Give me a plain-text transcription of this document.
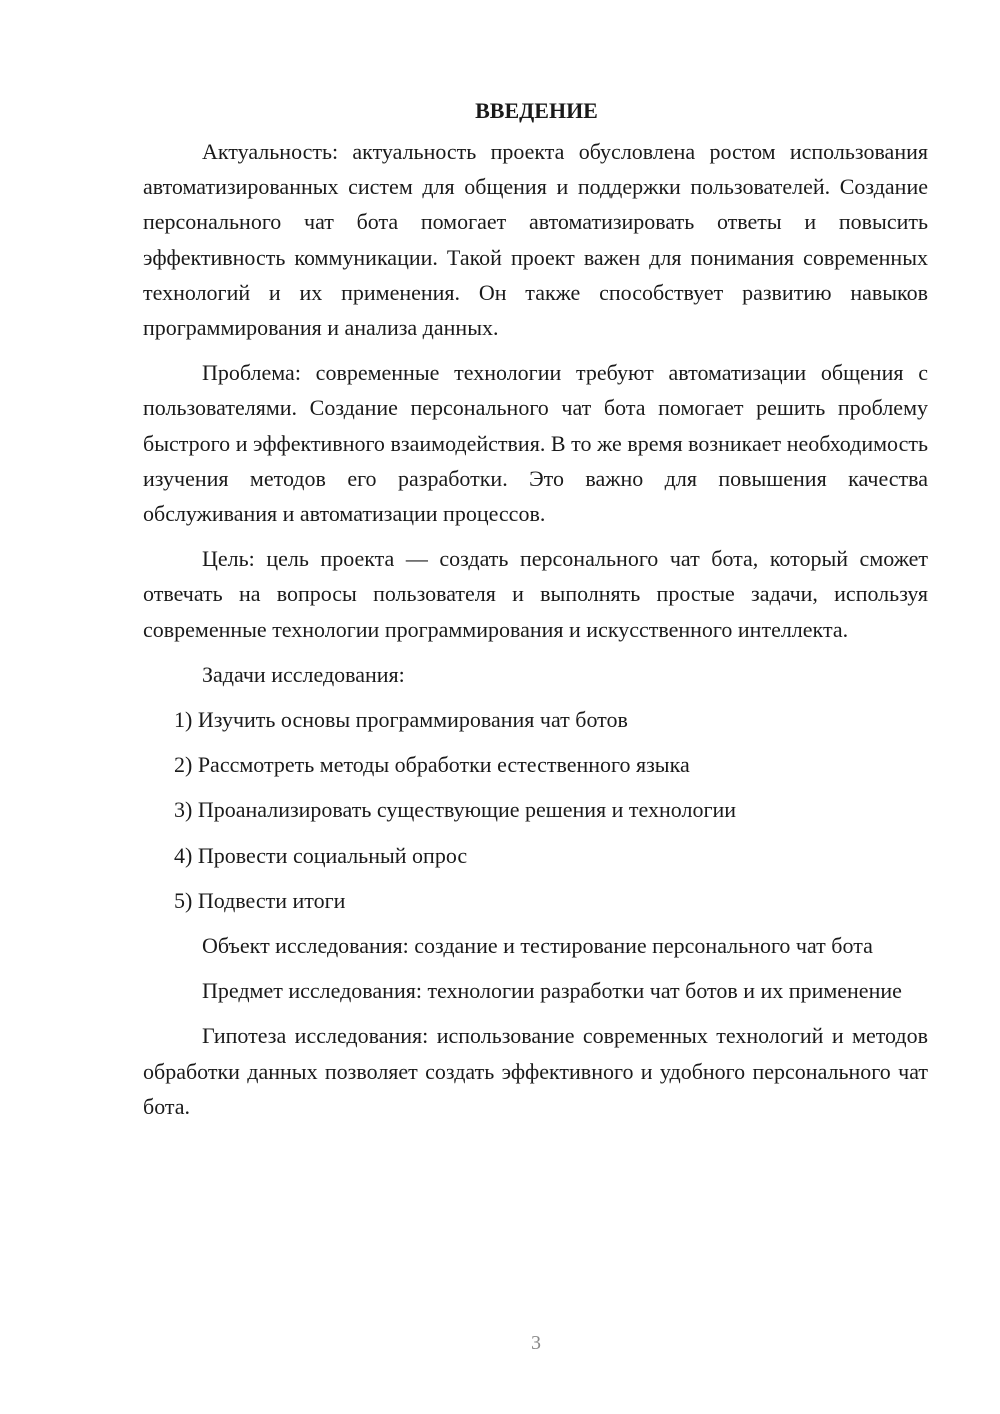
ВВЕДЕНИЕ

Актуальность: актуальность проекта обусловлена ростом использования автоматизированных систем для общения и поддержки пользователей. Создание персонального чат бота помогает автоматизировать ответы и повысить эффективность коммуникации. Такой проект важен для понимания современных технологий и их применения. Он также способствует развитию навыков программирования и анализа данных.

Проблема: современные технологии требуют автоматизации общения с пользователями. Создание персонального чат бота помогает решить проблему быстрого и эффективного взаимодействия. В то же время возникает необходимость изучения методов его разработки. Это важно для повышения качества обслуживания и автоматизации процессов.

Цель: цель проекта — создать персонального чат бота, который сможет отвечать на вопросы пользователя и выполнять простые задачи, используя современные технологии программирования и искусственного интеллекта.

Задачи исследования:

1) Изучить основы программирования чат ботов

2) Рассмотреть методы обработки естественного языка

3) Проанализировать существующие решения и технологии

4) Провести социальный опрос

5) Подвести итоги

Объект исследования: создание и тестирование персонального чат бота

Предмет исследования: технологии разработки чат ботов и их применение

Гипотеза исследования: использование современных технологий и методов обработки данных позволяет создать эффективного и удобного персонального чат бота.

3
